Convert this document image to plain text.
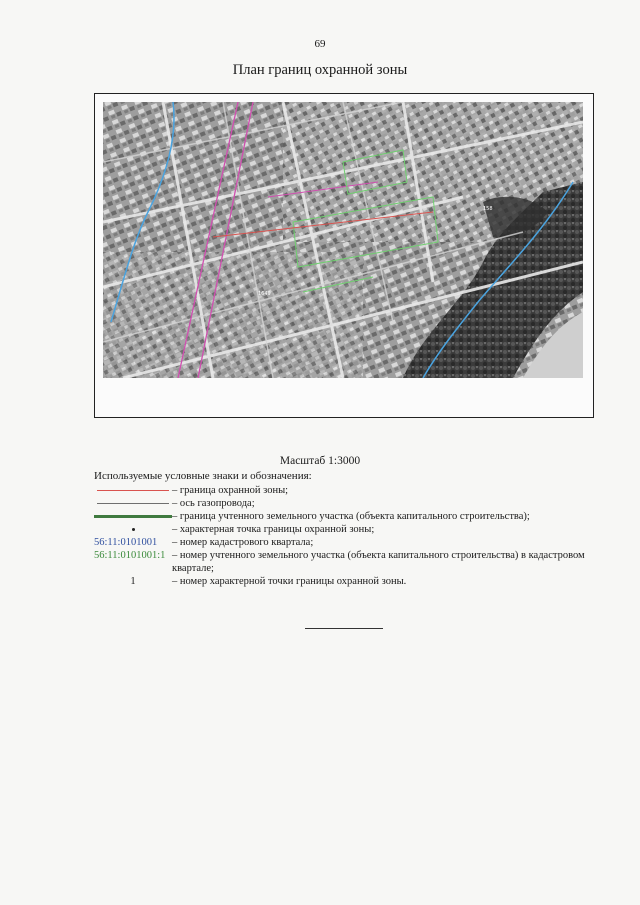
69
План границ охранной зоны
1649
158
Масштаб 1:3000
Используемые условные знаки и обозначения:
– граница охранной зоны;
– ось газопровода;
– граница учтенного земельного участка (объекта капитального строительства);
– характерная точка границы охранной зоны;
56:11:0101001	– номер кадастрового квартала;
56:11:0101001:1 – номер учтенного земельного участка (объекта капитального строительства) в кадастровом квартале;
1	– номер характерной точки границы охранной зоны.
